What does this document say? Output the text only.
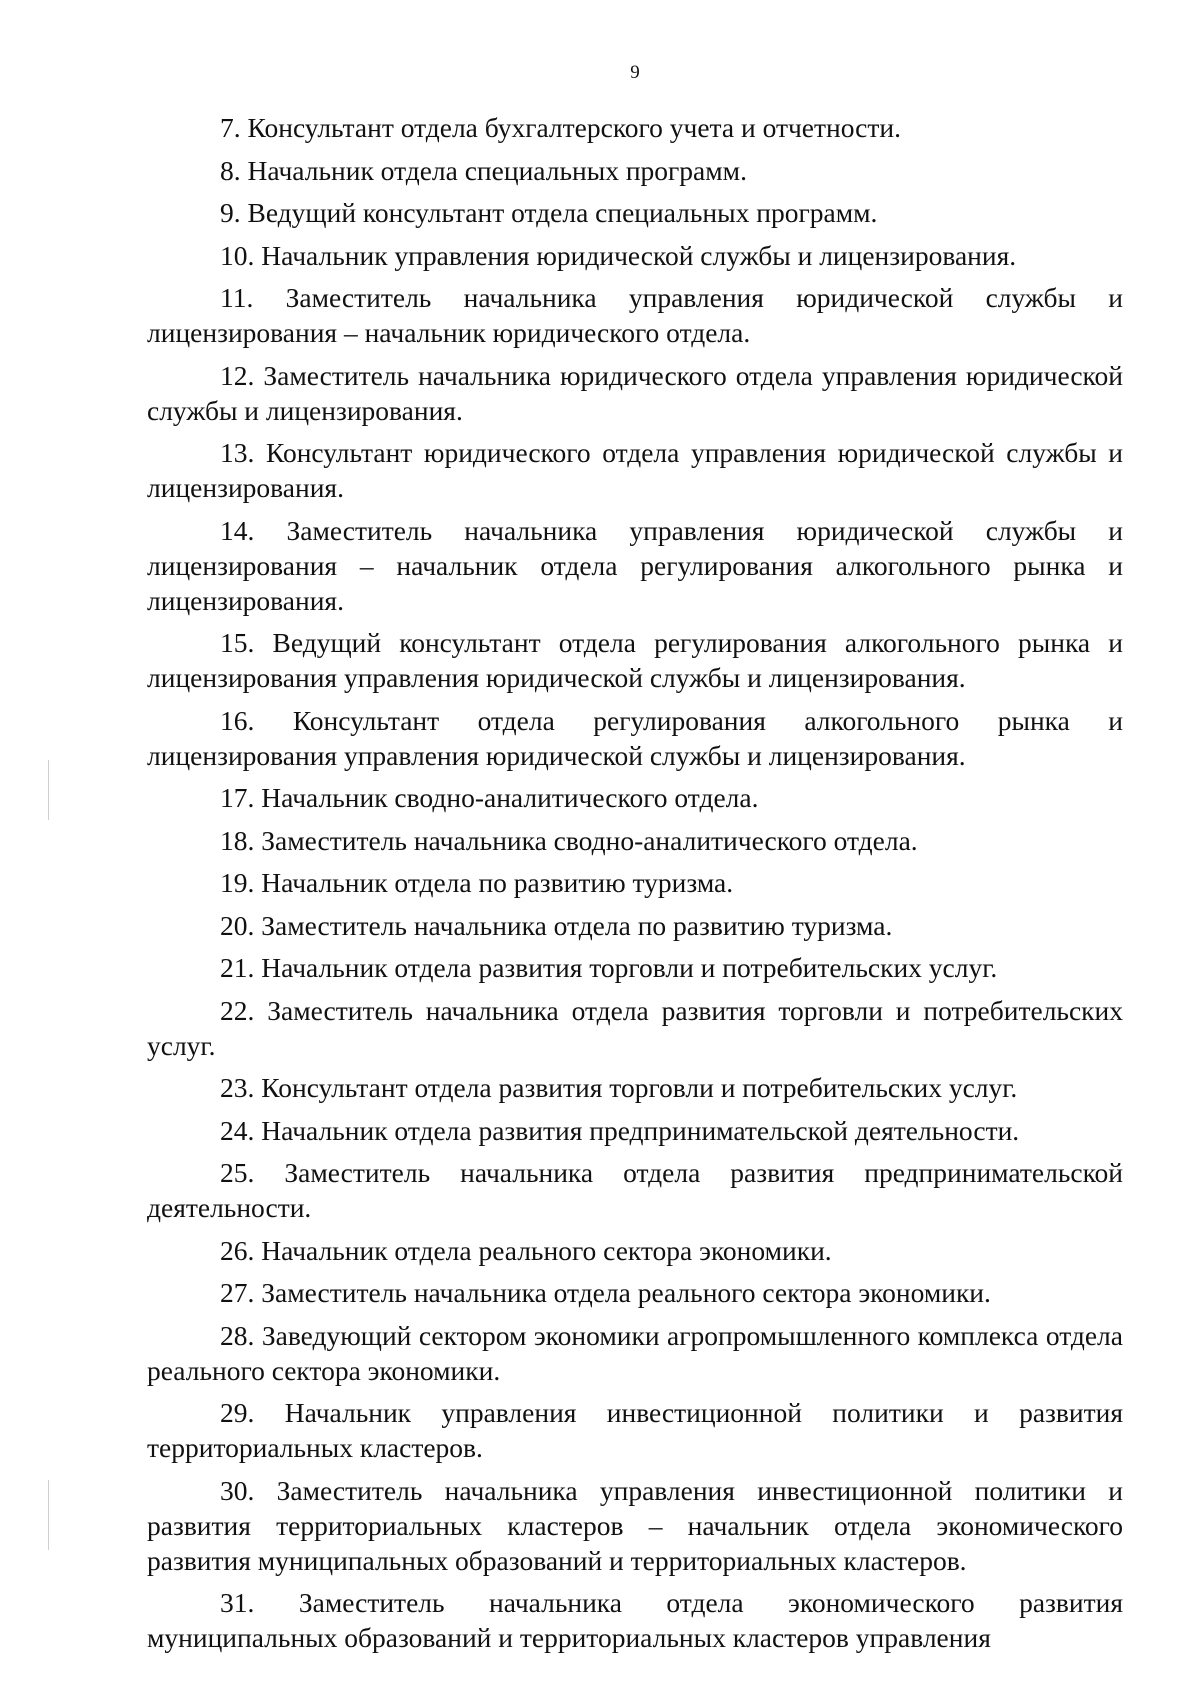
9

7. Консультант отдела бухгалтерского учета и отчетности.

8. Начальник отдела специальных программ.

9. Ведущий консультант отдела специальных программ.

10. Начальник управления юридической службы и лицензирования.

11. Заместитель начальника управления юридической службы и лицензирования – начальник юридического отдела.

12. Заместитель начальника юридического отдела управления юридической службы и лицензирования.

13. Консультант юридического отдела управления юридической службы и лицензирования.

14. Заместитель начальника управления юридической службы и лицензирования – начальник отдела регулирования алкогольного рынка и лицензирования.

15. Ведущий консультант отдела регулирования алкогольного рынка и лицензирования управления юридической службы и лицензирования.

16. Консультант отдела регулирования алкогольного рынка и лицензирования управления юридической службы и лицензирования.

17. Начальник сводно-аналитического отдела.

18. Заместитель начальника сводно-аналитического отдела.

19. Начальник отдела по развитию туризма.

20. Заместитель начальника отдела по развитию туризма.

21. Начальник отдела развития торговли и потребительских услуг.

22. Заместитель начальника отдела развития торговли и потребительских услуг.

23. Консультант отдела развития торговли и потребительских услуг.

24. Начальник отдела развития предпринимательской деятельности.

25. Заместитель начальника отдела развития предпринимательской деятельности.

26. Начальник отдела реального сектора экономики.

27. Заместитель начальника отдела реального сектора экономики.

28. Заведующий сектором экономики агропромышленного комплекса отдела реального сектора экономики.

29. Начальник управления инвестиционной политики и развития территориальных кластеров.

30. Заместитель начальника управления инвестиционной политики и развития территориальных кластеров – начальник отдела экономического развития муниципальных образований и территориальных кластеров.

31. Заместитель начальника отдела экономического развития муниципальных образований и территориальных кластеров управления
